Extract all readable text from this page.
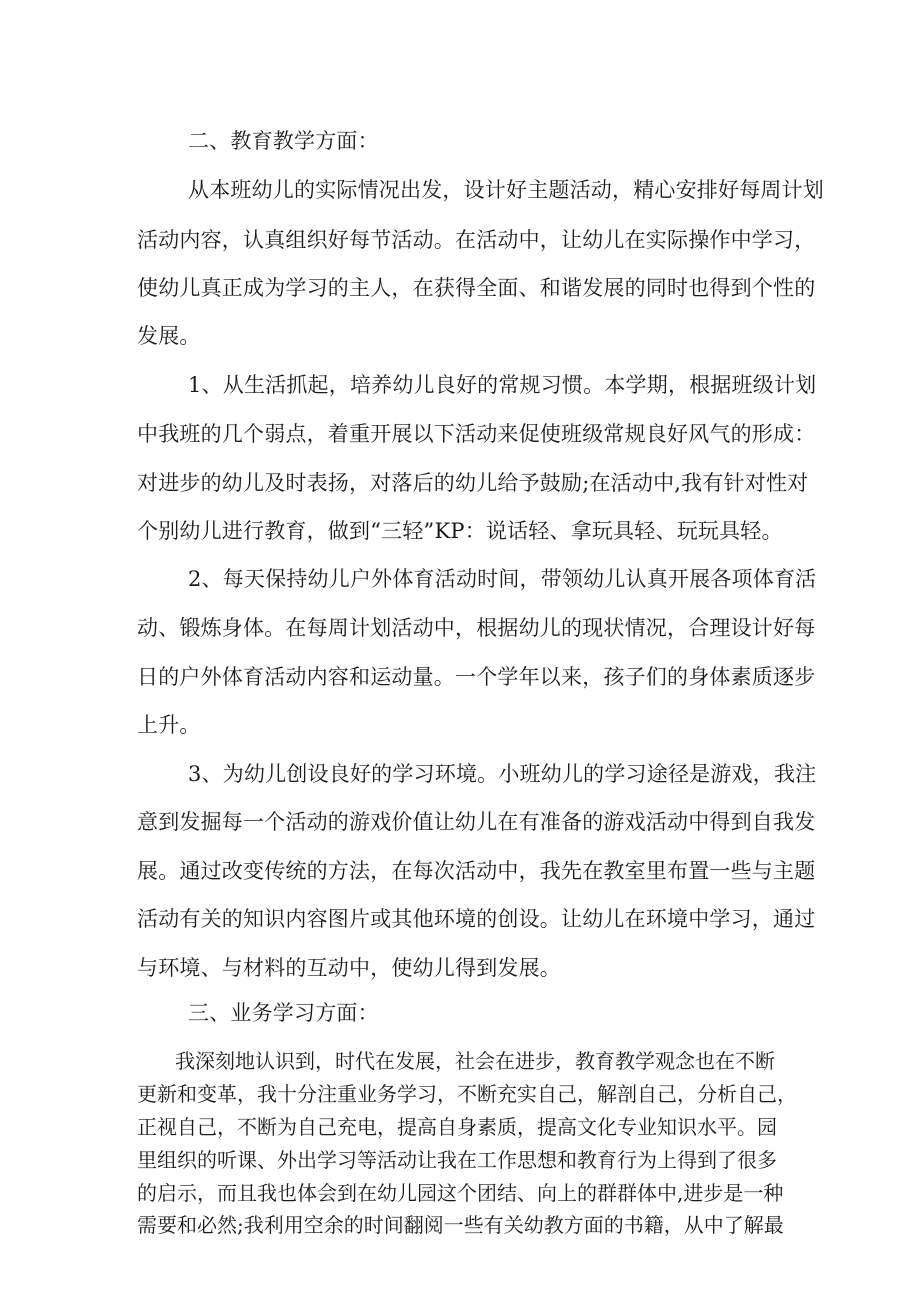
二、教育教学方面：
从本班幼儿的实际情况出发，设计好主题活动，精心安排好每周计划
活动内容，认真组织好每节活动。在活动中，让幼儿在实际操作中学习，
使幼儿真正成为学习的主人，在获得全面、和谐发展的同时也得到个性的
发展。
1、从生活抓起，培养幼儿良好的常规习惯。本学期，根据班级计划
中我班的几个弱点，着重开展以下活动来促使班级常规良好风气的形成：
对进步的幼儿及时表扬，对落后的幼儿给予鼓励;在活动中,我有针对性对
个别幼儿进行教育，做到“三轻”KP：说话轻、拿玩具轻、玩玩具轻。
2、每天保持幼儿户外体育活动时间，带领幼儿认真开展各项体育活
动、锻炼身体。在每周计划活动中，根据幼儿的现状情况，合理设计好每
日的户外体育活动内容和运动量。一个学年以来，孩子们的身体素质逐步
上升。
3、为幼儿创设良好的学习环境。小班幼儿的学习途径是游戏，我注
意到发掘每一个活动的游戏价值让幼儿在有准备的游戏活动中得到自我发
展。通过改变传统的方法，在每次活动中，我先在教室里布置一些与主题
活动有关的知识内容图片或其他环境的创设。让幼儿在环境中学习，通过
与环境、与材料的互动中，使幼儿得到发展。
三、业务学习方面：
我深刻地认识到，时代在发展，社会在进步，教育教学观念也在不断
更新和变革，我十分注重业务学习，不断充实自己，解剖自己，分析自己，
正视自己，不断为自己充电，提高自身素质，提高文化专业知识水平。园
里组织的听课、外出学习等活动让我在工作思想和教育行为上得到了很多
的启示，而且我也体会到在幼儿园这个团结、向上的群群体中,进步是一种
需要和必然;我利用空余的时间翻阅一些有关幼教方面的书籍，从中了解最
